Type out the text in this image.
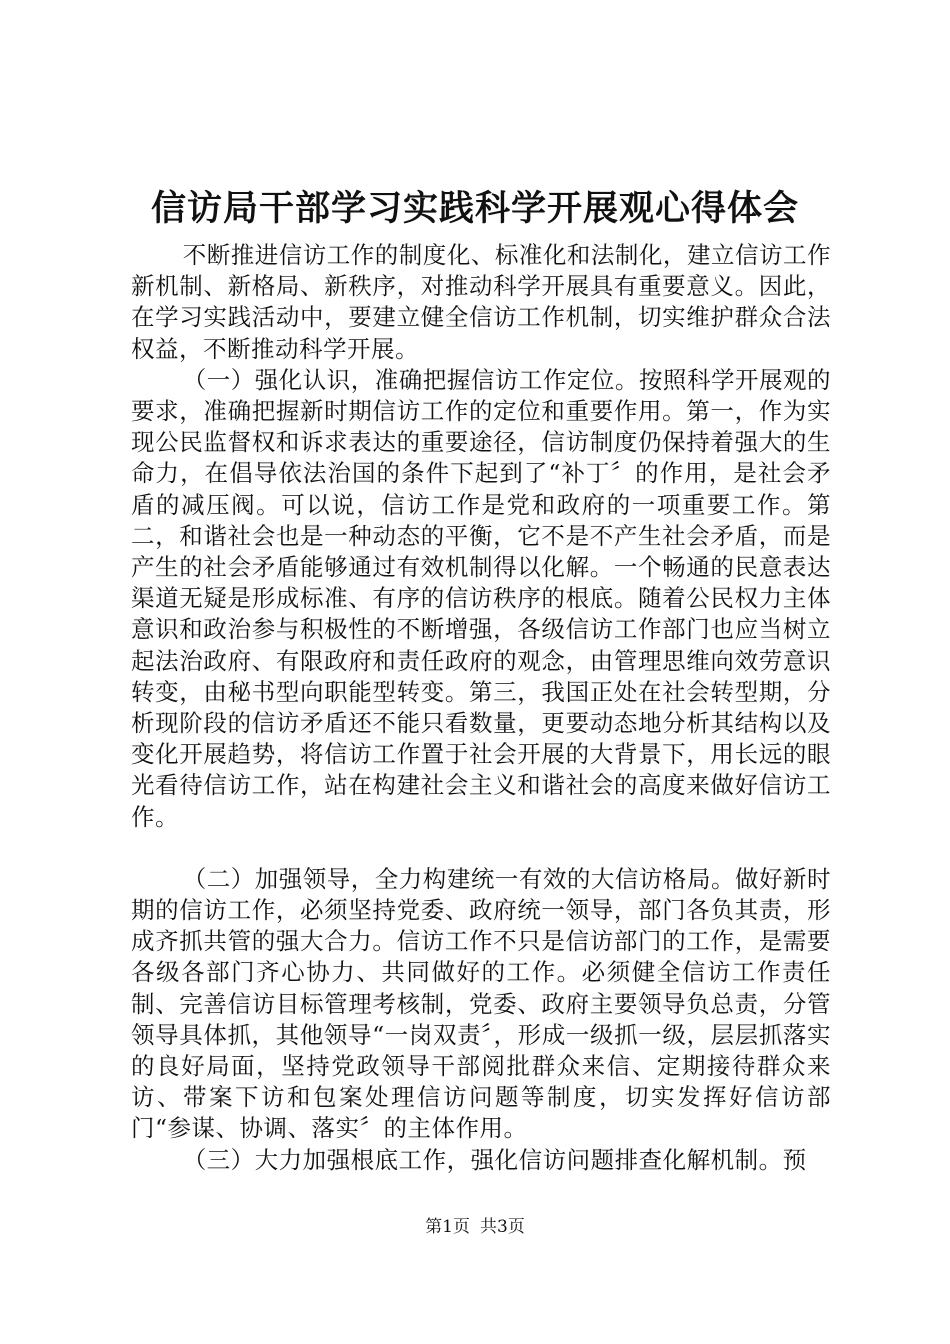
信访局干部学习实践科学开展观心得体会

不断推进信访工作的制度化、标准化和法制化，建立信访工作新机制、新格局、新秩序，对推动科学开展具有重要意义。因此，在学习实践活动中，要建立健全信访工作机制，切实维护群众合法权益，不断推动科学开展。

（一）强化认识，准确把握信访工作定位。按照科学开展观的要求，准确把握新时期信访工作的定位和重要作用。第一，作为实现公民监督权和诉求表达的重要途径，信访制度仍保持着强大的生命力，在倡导依法治国的条件下起到了“补丁〞的作用，是社会矛盾的减压阀。可以说，信访工作是党和政府的一项重要工作。第二，和谐社会也是一种动态的平衡，它不是不产生社会矛盾，而是产生的社会矛盾能够通过有效机制得以化解。一个畅通的民意表达渠道无疑是形成标准、有序的信访秩序的根底。随着公民权力主体意识和政治参与积极性的不断增强，各级信访工作部门也应当树立起法治政府、有限政府和责任政府的观念，由管理思维向效劳意识转变，由秘书型向职能型转变。第三，我国正处在社会转型期，分析现阶段的信访矛盾还不能只看数量，更要动态地分析其结构以及变化开展趋势，将信访工作置于社会开展的大背景下，用长远的眼光看待信访工作，站在构建社会主义和谐社会的高度来做好信访工作。

（二）加强领导，全力构建统一有效的大信访格局。做好新时期的信访工作，必须坚持党委、政府统一领导，部门各负其责，形成齐抓共管的强大合力。信访工作不只是信访部门的工作，是需要各级各部门齐心协力、共同做好的工作。必须健全信访工作责任制、完善信访目标管理考核制，党委、政府主要领导负总责，分管领导具体抓，其他领导“一岗双责〞，形成一级抓一级，层层抓落实的良好局面，坚持党政领导干部阅批群众来信、定期接待群众来访、带案下访和包案处理信访问题等制度，切实发挥好信访部门“参谋、协调、落实〞的主体作用。

（三）大力加强根底工作，强化信访问题排查化解机制。预

第1页 共3页
